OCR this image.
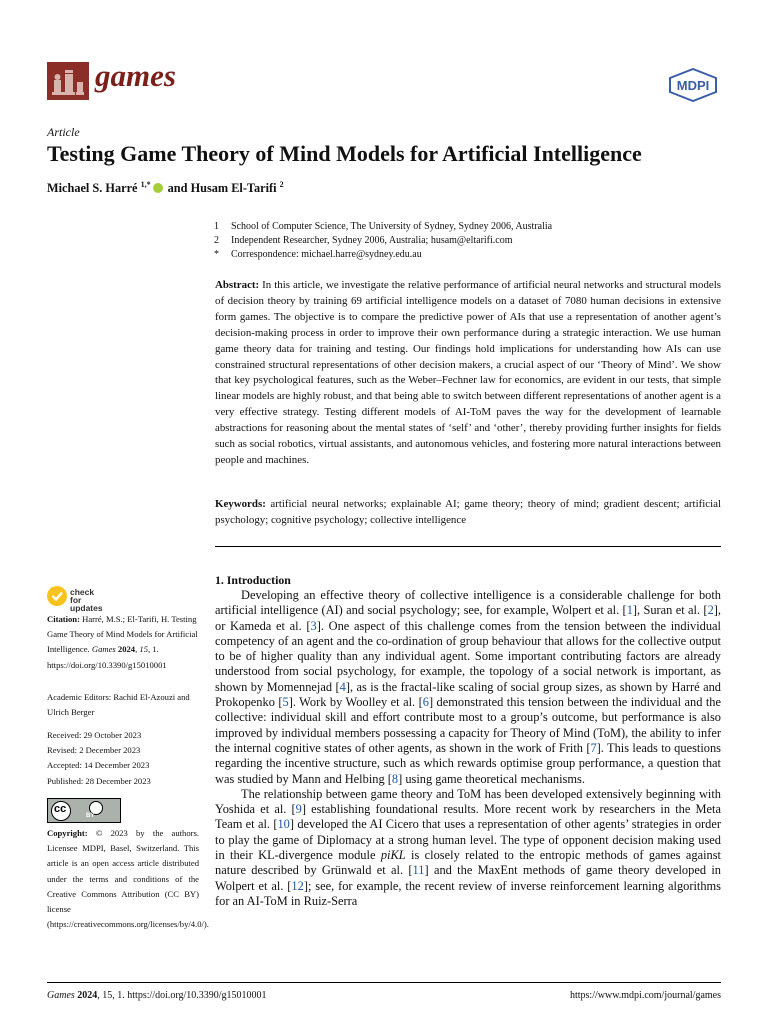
games	MDPI
Article
Testing Game Theory of Mind Models for Artificial Intelligence
Michael S. Harré $^{1,*}$ and Husam El-Tarifi $^2$
1 School of Computer Science, The University of Sydney, Sydney 2006, Australia
2 Independent Researcher, Sydney 2006, Australia; husam@eltarifi.com
* Correspondence: michael.harre@sydney.edu.au
Abstract: In this article, we investigate the relative performance of artificial neural networks and structural models of decision theory by training 69 artificial intelligence models on a dataset of 7080 human decisions in extensive form games. The objective is to compare the predictive power of AIs that use a representation of another agent’s decision-making process in order to improve their own performance during a strategic interaction. We use human game theory data for training and testing. Our findings hold implications for understanding how AIs can use constrained structural representations of other decision makers, a crucial aspect of our ‘Theory of Mind’. We show that key psychological features, such as the Weber–Fechner law for economics, are evident in our tests, that simple linear models are highly robust, and that being able to switch between different representations of another agent is a very effective strategy. Testing different models of AI-ToM paves the way for the development of learnable abstractions for reasoning about the mental states of ‘self’ and ‘other’, thereby providing further insights for fields such as social robotics, virtual assistants, and autonomous vehicles, and fostering more natural interactions between people and machines.
Keywords: artificial neural networks; explainable AI; game theory; theory of mind; gradient descent; artificial psychology; cognitive psychology; collective intelligence
1. Introduction

Developing an effective theory of collective intelligence is a considerable challenge for both artificial intelligence (AI) and social psychology; see, for example, Wolpert et al. [1], Suran et al. [2], or Kameda et al. [3]. One aspect of this challenge comes from the tension between the individual competency of an agent and the co-ordination of group behaviour that allows for the collective output to be of higher quality than any individual agent. Some important contributing factors are already understood from social psychology, for example, the topology of a social network is important, as shown by Momennejad [4], as is the fractal-like scaling of social group sizes, as shown by Harré and Prokopenko [5]. Work by Woolley et al. [6] demonstrated this tension between the individual and the collective: individual skill and effort contribute most to a group’s outcome, but performance is also improved by individual members possessing a capacity for Theory of Mind (ToM), the ability to infer the internal cognitive states of other agents, as shown in the work of Frith [7]. This leads to questions regarding the incentive structure, such as which rewards optimise group performance, a question that was studied by Mann and Helbing [8] using game theoretical mechanisms.

The relationship between game theory and ToM has been developed extensively beginning with Yoshida et al. [9] establishing foundational results. More recent work by researchers in the Meta Team et al. [10] developed the AI Cicero that uses a representation of other agents’ strategies in order to play the game of Diplomacy at a strong human level. The type of opponent decision making used in their KL-divergence module piKL is closely related to the entropic methods of games against nature described by Grünwald et al. [11] and the MaxEnt methods of game theory developed in Wolpert et al. [12]; see, for example, the recent review of inverse reinforcement learning algorithms for an AI-ToM in Ruiz-Serra

check for
updates
Citation: Harré, M.S.; El-Tarifi, H. Testing Game Theory of Mind Models for Artificial Intelligence. Games 2024, 15, 1. https://doi.org/10.3390/g15010001
Academic Editors: Rachid El-Azouzi and Ulrich Berger
Received: 29 October 2023
Revised: 2 December 2023
Accepted: 14 December 2023
Published: 28 December 2023
cc
BY
Copyright: © 2023 by the authors. Licensee MDPI, Basel, Switzerland. This article is an open access article distributed under the terms and conditions of the Creative Commons Attribution (CC BY) license (https://creativecommons.org/licenses/by/4.0/).
Games 2024, 15, 1. https://doi.org/10.3390/g15010001	https://www.mdpi.com/journal/games
